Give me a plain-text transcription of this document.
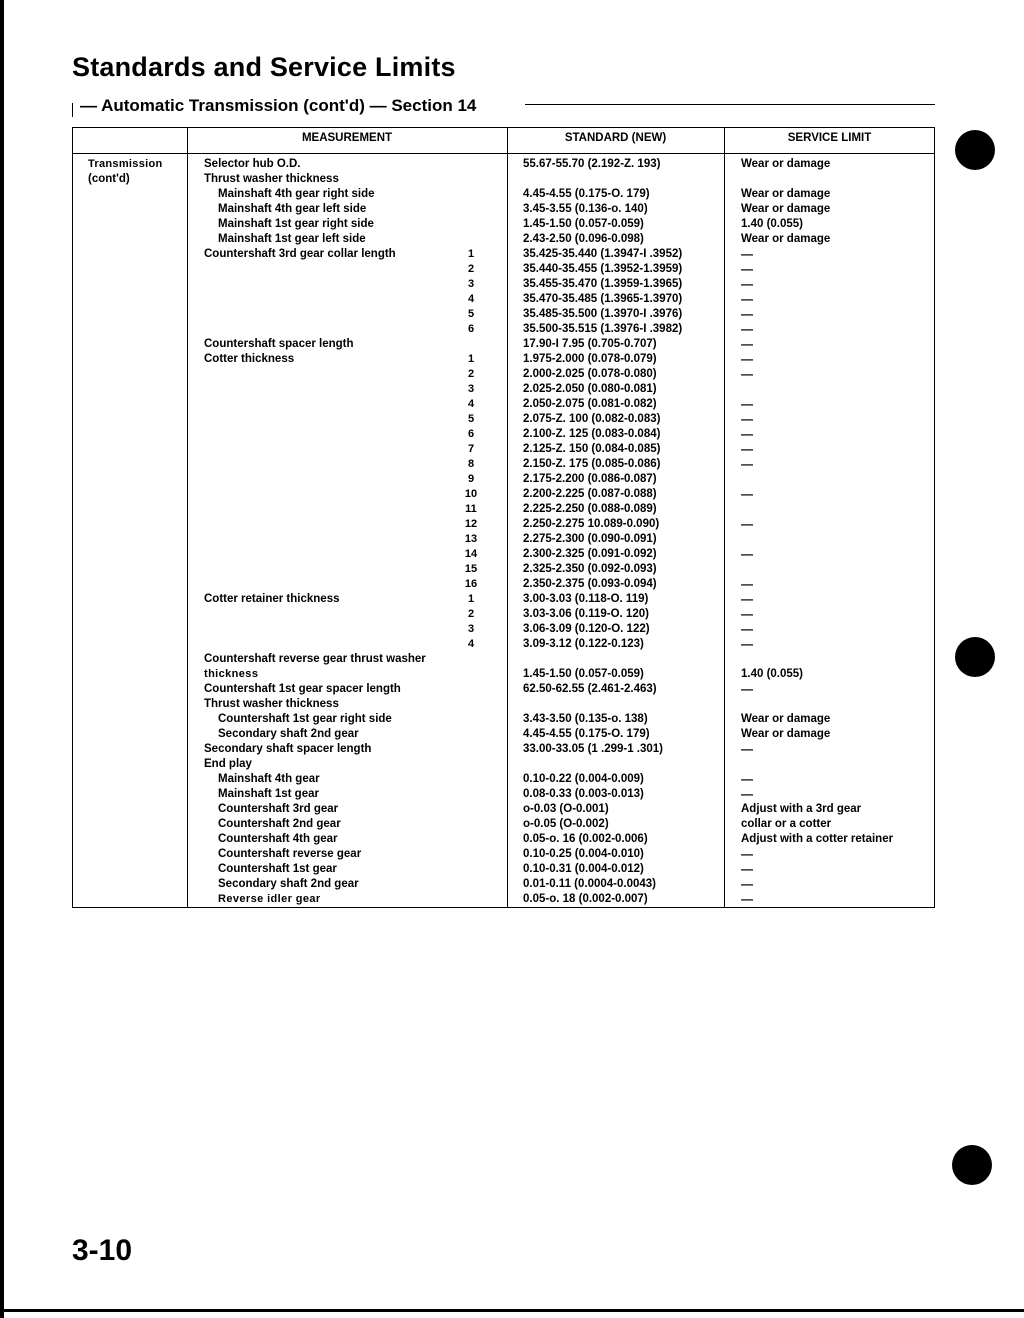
Standards and Service Limits
— Automatic Transmission (cont'd) — Section 14
MEASUREMENT	STANDARD (NEW)	SERVICE LIMIT
Transmission
(cont'd)
Selector hub O.D.	55.67-55.70 (2.192-Z. 193)	Wear or damage
Thrust washer thickness
Mainshaft 4th gear right side	4.45-4.55 (0.175-O. 179)	Wear or damage
Mainshaft 4th gear left side	3.45-3.55 (0.136-o. 140)	Wear or damage
Mainshaft 1st gear right side	1.45-1.50 (0.057-0.059)	1.40 (0.055)
Mainshaft 1st gear left side	2.43-2.50 (0.096-0.098)	Wear or damage
Countershaft 3rd gear collar length	1	35.425-35.440 (1.3947-I .3952)	—
2	35.440-35.455 (1.3952-1.3959)	—
3	35.455-35.470 (1.3959-1.3965)	—
4	35.470-35.485 (1.3965-1.3970)	—
5	35.485-35.500 (1.3970-I .3976)	—
6	35.500-35.515 (1.3976-I .3982)	—
Countershaft spacer length	17.90-I 7.95 (0.705-0.707)	—
Cotter thickness	1	1.975-2.000 (0.078-0.079)	—
2	2.000-2.025 (0.078-0.080)	—
3	2.025-2.050 (0.080-0.081)
4	2.050-2.075 (0.081-0.082)	—
5	2.075-Z. 100 (0.082-0.083)	—
6	2.100-Z. 125 (0.083-0.084)	—
7	2.125-Z. 150 (0.084-0.085)	—
8	2.150-Z. 175 (0.085-0.086)	—
9	2.175-2.200 (0.086-0.087)
10	2.200-2.225 (0.087-0.088)	—
11	2.225-2.250 (0.088-0.089)
12	2.250-2.275 10.089-0.090)	—
13	2.275-2.300 (0.090-0.091)
14	2.300-2.325 (0.091-0.092)	—
15	2.325-2.350 (0.092-0.093)
16	2.350-2.375 (0.093-0.094)	—
Cotter retainer thickness	1	3.00-3.03 (0.118-O. 119)	—
2	3.03-3.06 (0.119-O. 120)	—
3	3.06-3.09 (0.120-O. 122)	—
4	3.09-3.12 (0.122-0.123)	—
Countershaft reverse gear thrust washer
thickness	1.45-1.50 (0.057-0.059)	1.40 (0.055)
Countershaft 1st gear spacer length	62.50-62.55 (2.461-2.463)	—
Thrust washer thickness
Countershaft 1st gear right side	3.43-3.50 (0.135-o. 138)	Wear or damage
Secondary shaft 2nd gear	4.45-4.55 (0.175-O. 179)	Wear or damage
Secondary shaft spacer length	33.00-33.05 (1 .299-1 .301)	—
End play
Mainshaft 4th gear	0.10-0.22 (0.004-0.009)	—
Mainshaft 1st gear	0.08-0.33 (0.003-0.013)	—
Countershaft 3rd gear	o-0.03 (O-0.001)	Adjust with a 3rd gear
Countershaft 2nd gear	o-0.05 (O-0.002)	collar or a cotter
Countershaft 4th gear	0.05-o. 16 (0.002-0.006)	Adjust with a cotter retainer
Countershaft reverse gear	0.10-0.25 (0.004-0.010)	—
Countershaft 1st gear	0.10-0.31 (0.004-0.012)	—
Secondary shaft 2nd gear	0.01-0.11 (0.0004-0.0043)	—
Reverse idler gear	0.05-o. 18 (0.002-0.007)	—
3-10
